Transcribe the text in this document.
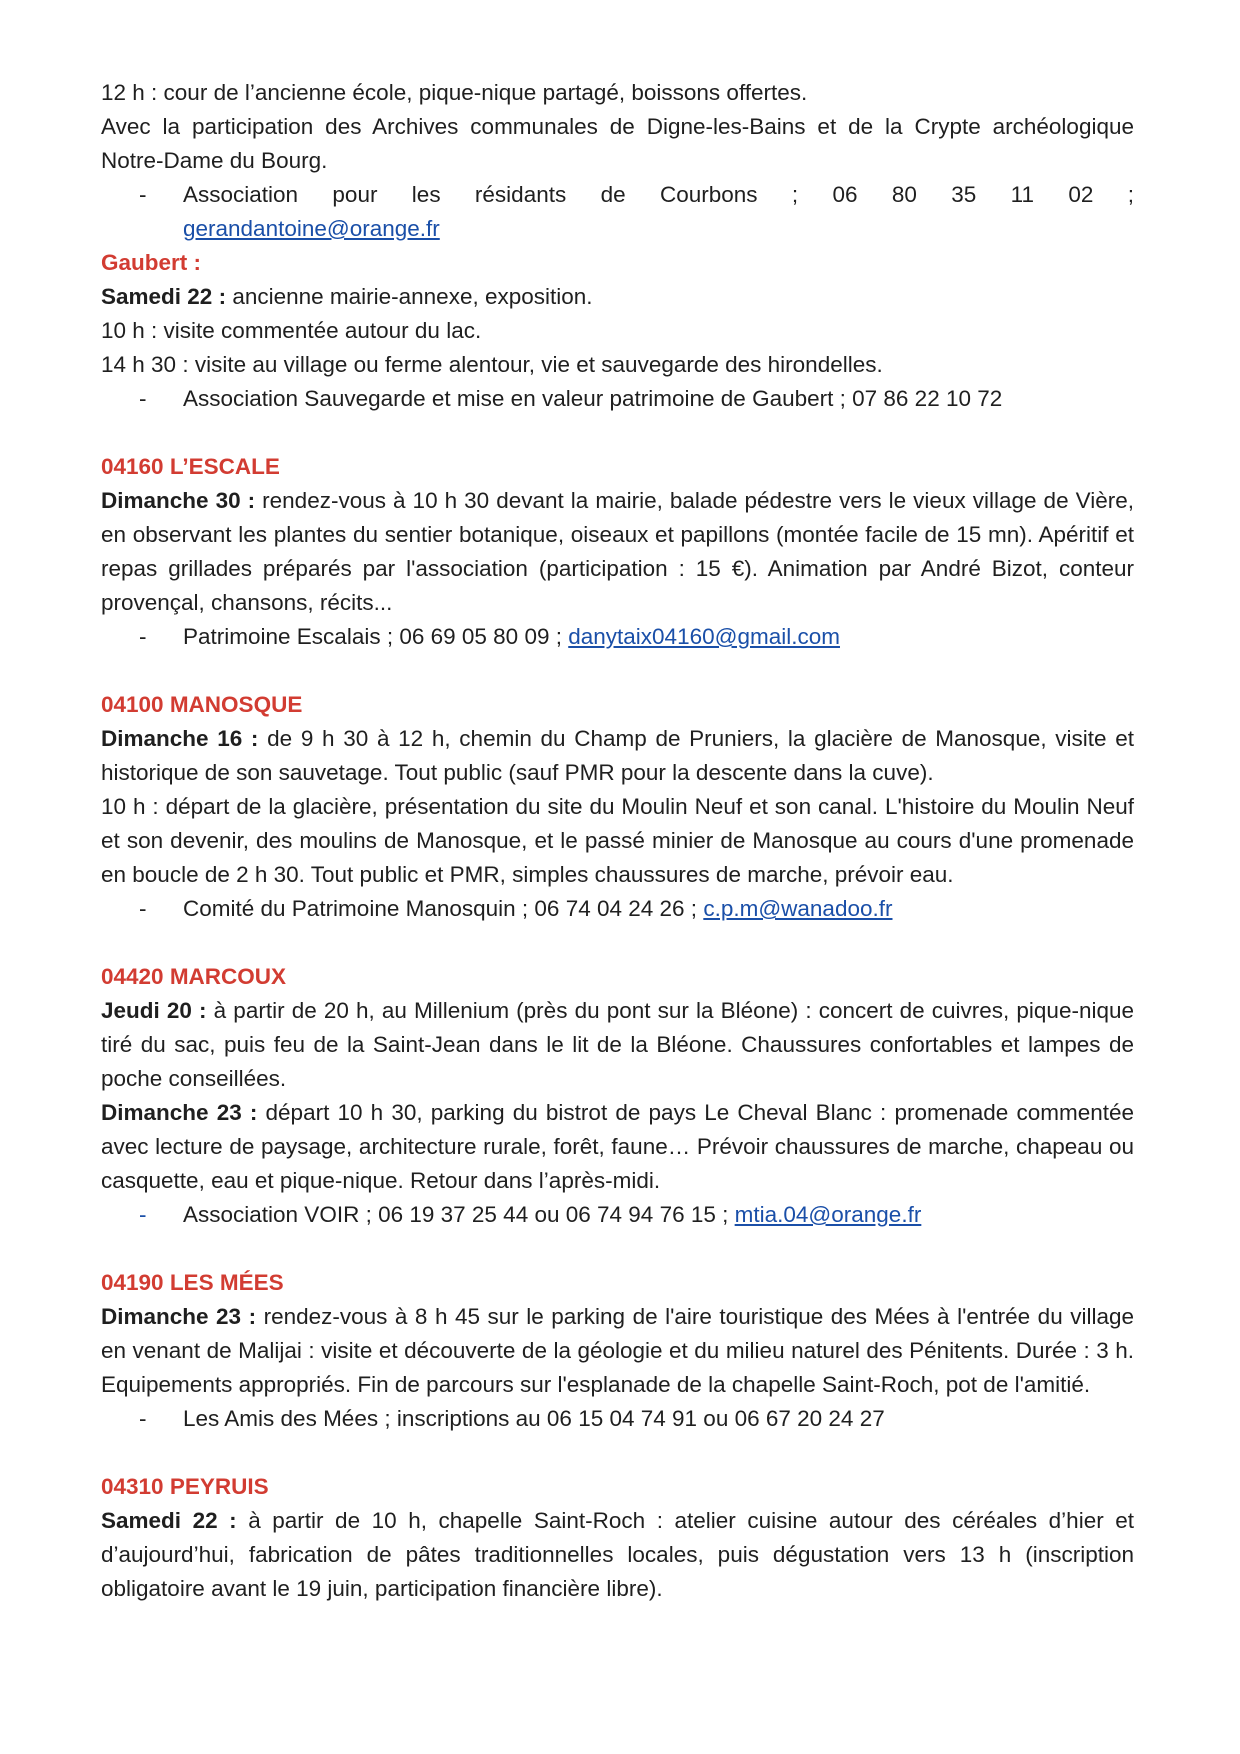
12 h : cour de l’ancienne école, pique-nique partagé, boissons offertes.

Avec la participation des Archives communales de Digne-les-Bains et de la Crypte archéologique Notre-Dame du Bourg.

- Association pour les résidants de Courbons ; 06 80 35 11 02 ;
gerandantoine@orange.fr

Gaubert :

Samedi 22 : ancienne mairie-annexe, exposition.

10 h : visite commentée autour du lac.

14 h 30 : visite au village ou ferme alentour, vie et sauvegarde des hirondelles.

- Association Sauvegarde et mise en valeur patrimoine de Gaubert ; 07 86 22 10 72

04160 L’ESCALE

Dimanche 30 : rendez-vous à 10 h 30 devant la mairie, balade pédestre vers le vieux village de Vière, en observant les plantes du sentier botanique, oiseaux et papillons (montée facile de 15 mn). Apéritif et repas grillades préparés par l'association (participation : 15 €). Animation par André Bizot, conteur provençal, chansons, récits...

- Patrimoine Escalais ; 06 69 05 80 09 ; danytaix04160@gmail.com

04100 MANOSQUE

Dimanche 16 : de 9 h 30 à 12 h, chemin du Champ de Pruniers, la glacière de Manosque, visite et historique de son sauvetage. Tout public (sauf PMR pour la descente dans la cuve).

10 h : départ de la glacière, présentation du site du Moulin Neuf et son canal. L'histoire du Moulin Neuf et son devenir, des moulins de Manosque, et le passé minier de Manosque au cours d'une promenade en boucle de 2 h 30. Tout public et PMR, simples chaussures de marche, prévoir eau.

- Comité du Patrimoine Manosquin ; 06 74 04 24 26 ; c.p.m@wanadoo.fr

04420 MARCOUX

Jeudi 20 : à partir de 20 h, au Millenium (près du pont sur la Bléone) : concert de cuivres, pique-nique tiré du sac, puis feu de la Saint-Jean dans le lit de la Bléone. Chaussures confortables et lampes de poche conseillées.

Dimanche 23 : départ 10 h 30, parking du bistrot de pays Le Cheval Blanc : promenade commentée avec lecture de paysage, architecture rurale, forêt, faune… Prévoir chaussures de marche, chapeau ou casquette, eau et pique-nique. Retour dans l’après-midi.

- Association VOIR ; 06 19 37 25 44 ou 06 74 94 76 15 ; mtia.04@orange.fr

04190 LES MÉES

Dimanche 23 : rendez-vous à 8 h 45 sur le parking de l'aire touristique des Mées à l'entrée du village en venant de Malijai : visite et découverte de la géologie et du milieu naturel des Pénitents. Durée : 3 h. Equipements appropriés. Fin de parcours sur l'esplanade de la chapelle Saint-Roch, pot de l'amitié.

- Les Amis des Mées ; inscriptions au 06 15 04 74 91 ou 06 67 20 24 27

04310 PEYRUIS

Samedi 22 : à partir de 10 h, chapelle Saint-Roch : atelier cuisine autour des céréales d’hier et d’aujourd’hui, fabrication de pâtes traditionnelles locales, puis dégustation vers 13 h (inscription obligatoire avant le 19 juin, participation financière libre).
